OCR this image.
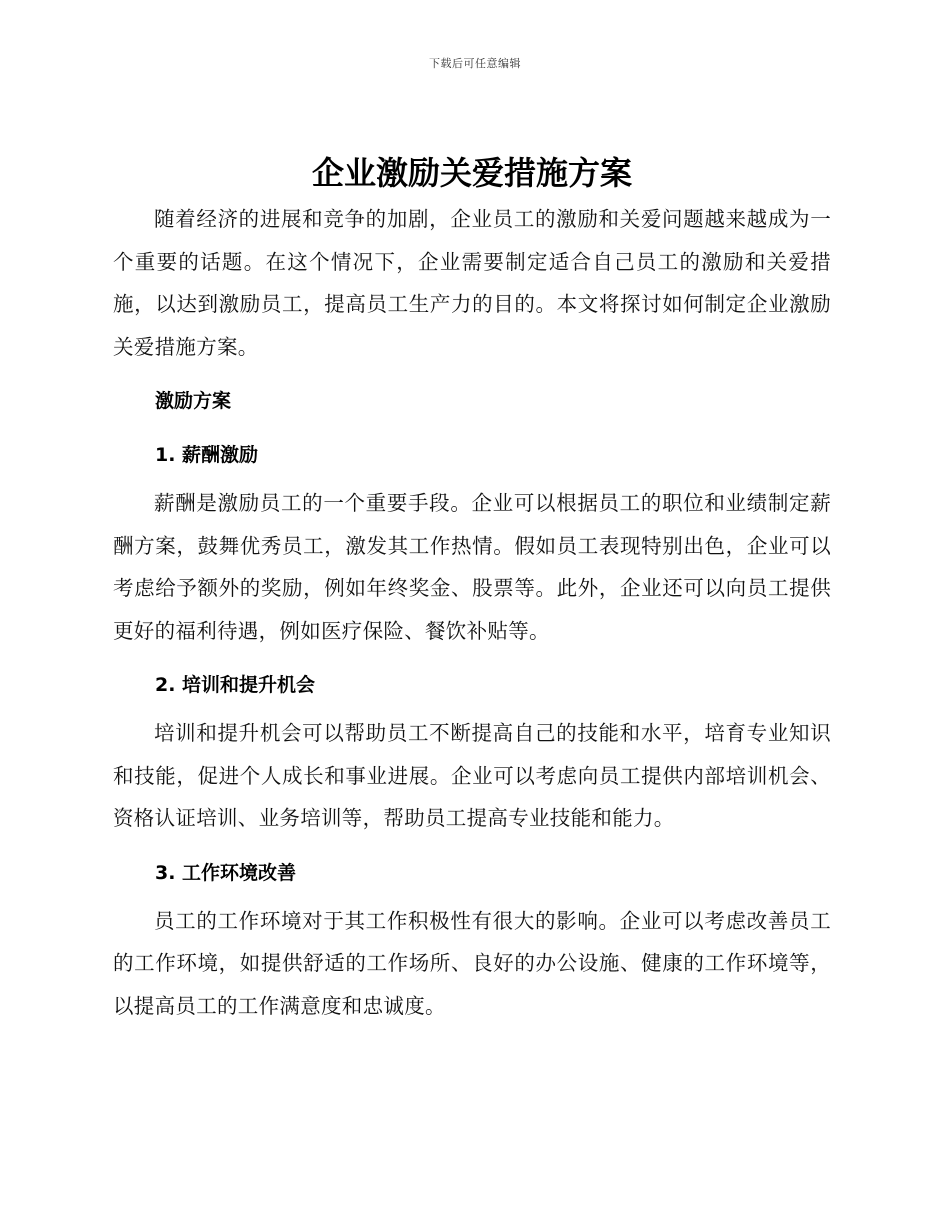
下载后可任意编辑
企业激励关爱措施方案

随着经济的进展和竞争的加剧，企业员工的激励和关爱问题越来越成为一个重要的话题。在这个情况下，企业需要制定适合自己员工的激励和关爱措施，以达到激励员工，提高员工生产力的目的。本文将探讨如何制定企业激励关爱措施方案。

激励方案
1. 薪酬激励

薪酬是激励员工的一个重要手段。企业可以根据员工的职位和业绩制定薪酬方案，鼓舞优秀员工，激发其工作热情。假如员工表现特别出色，企业可以考虑给予额外的奖励，例如年终奖金、股票等。此外，企业还可以向员工提供更好的福利待遇，例如医疗保险、餐饮补贴等。

2. 培训和提升机会

培训和提升机会可以帮助员工不断提高自己的技能和水平，培育专业知识和技能，促进个人成长和事业进展。企业可以考虑向员工提供内部培训机会、资格认证培训、业务培训等，帮助员工提高专业技能和能力。

3. 工作环境改善

员工的工作环境对于其工作积极性有很大的影响。企业可以考虑改善员工的工作环境，如提供舒适的工作场所、良好的办公设施、健康的工作环境等，以提高员工的工作满意度和忠诚度。
